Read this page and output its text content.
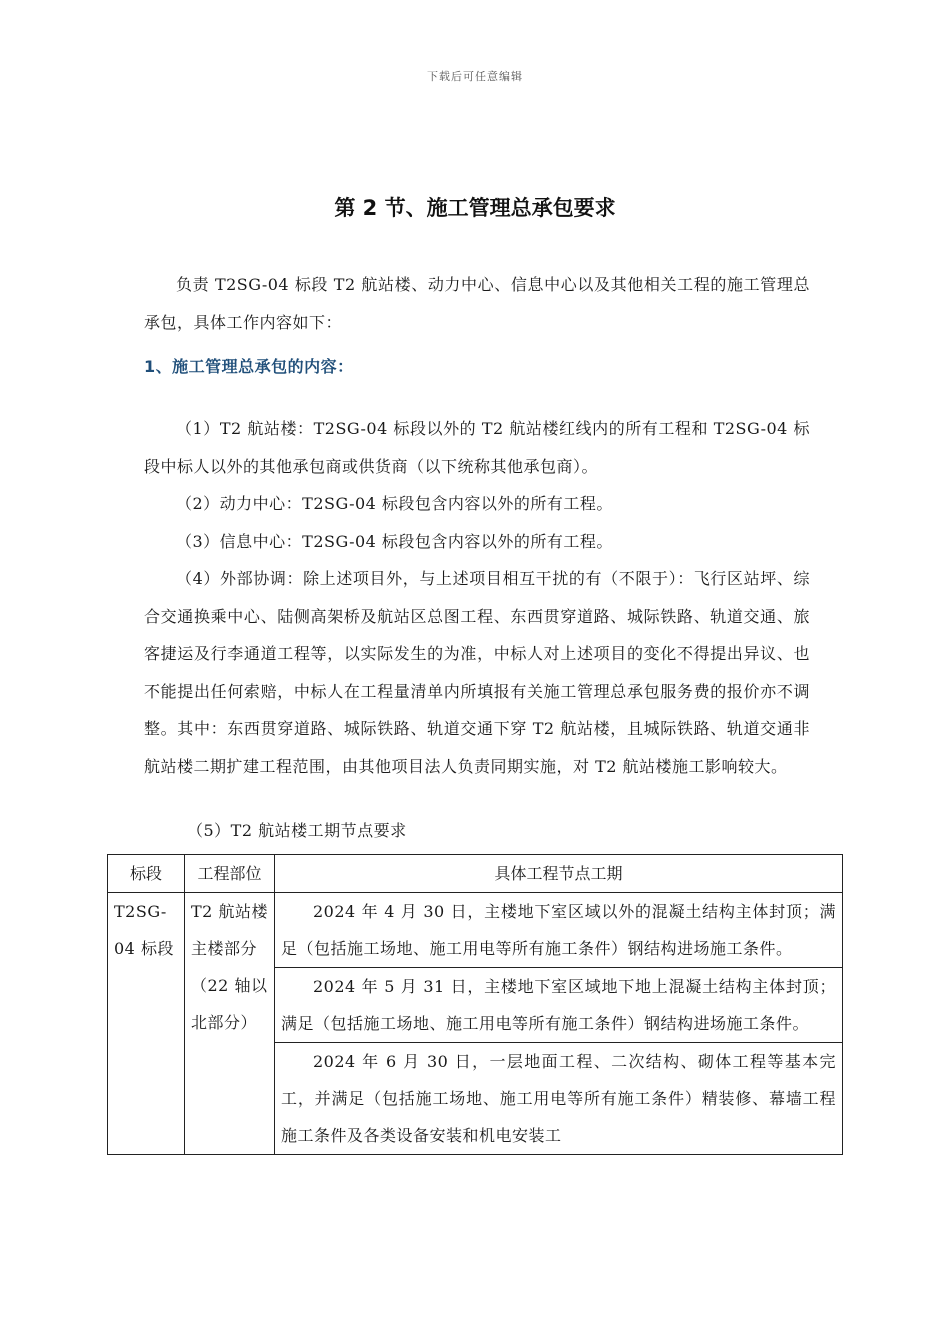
下载后可任意编辑
第 2 节、施工管理总承包要求

负责 T2SG-04 标段 T2 航站楼、动力中心、信息中心以及其他相关工程的施工管理总承包，具体工作内容如下：

1、施工管理总承包的内容：

（1）T2 航站楼：T2SG-04 标段以外的 T2 航站楼红线内的所有工程和 T2SG-04 标段中标人以外的其他承包商或供货商（以下统称其他承包商）。

（2）动力中心：T2SG-04 标段包含内容以外的所有工程。

（3）信息中心：T2SG-04 标段包含内容以外的所有工程。

（4）外部协调：除上述项目外，与上述项目相互干扰的有（不限于）：飞行区站坪、综合交通换乘中心、陆侧高架桥及航站区总图工程、东西贯穿道路、城际铁路、轨道交通、旅客捷运及行李通道工程等，以实际发生的为准，中标人对上述项目的变化不得提出异议、也不能提出任何索赔，中标人在工程量清单内所填报有关施工管理总承包服务费的报价亦不调整。其中：东西贯穿道路、城际铁路、轨道交通下穿 T2 航站楼，且城际铁路、轨道交通非航站楼二期扩建工程范围，由其他项目法人负责同期实施，对 T2 航站楼施工影响较大。

（5）T2 航站楼工期节点要求
标段	工程部位	具体工程节点工期
T2SG-04 标段	T2 航站楼主楼部分（22 轴以北部分）	2024 年 4 月 30 日，主楼地下室区域以外的混凝土结构主体封顶；满足（包括施工场地、施工用电等所有施工条件）钢结构进场施工条件。
		2024 年 5 月 31 日，主楼地下室区域地下地上混凝土结构主体封顶；满足（包括施工场地、施工用电等所有施工条件）钢结构进场施工条件。

		2024 年 6 月 30 日，一层地面工程、二次结构、砌体工程等基本完工，并满足（包括施工场地、施工用电等所有施工条件）精装修、幕墙工程施工条件及各类设备安装和机电安装工
